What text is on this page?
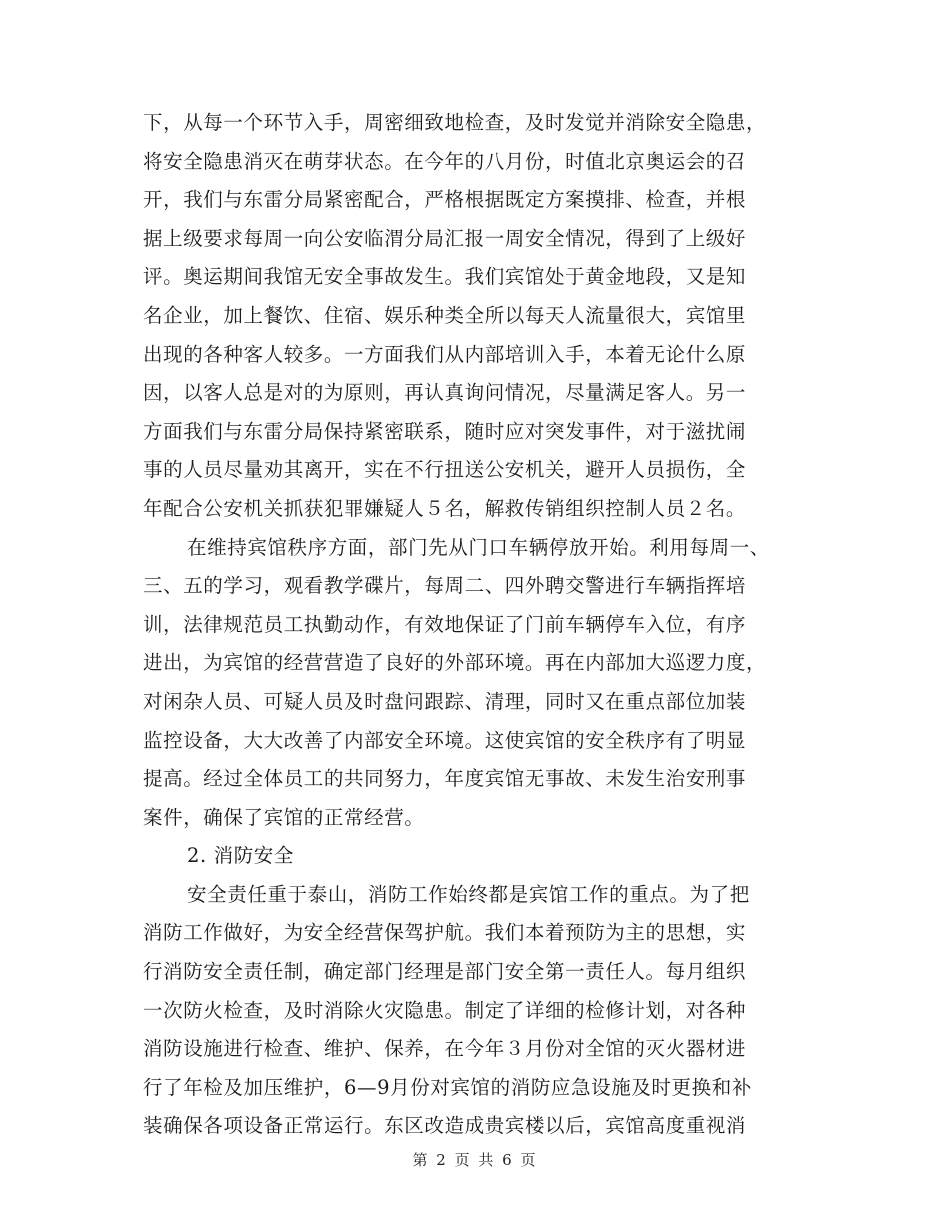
下，从每一个环节入手，周密细致地检查，及时发觉并消除安全隐患，
将安全隐患消灭在萌芽状态。在今年的八月份，时值北京奥运会的召
开，我们与东雷分局紧密配合，严格根据既定方案摸排、检查，并根
据上级要求每周一向公安临渭分局汇报一周安全情况，得到了上级好
评。奥运期间我馆无安全事故发生。我们宾馆处于黄金地段，又是知
名企业，加上餐饮、住宿、娱乐种类全所以每天人流量很大，宾馆里
出现的各种客人较多。一方面我们从内部培训入手，本着无论什么原
因，以客人总是对的为原则，再认真询问情况，尽量满足客人。另一
方面我们与东雷分局保持紧密联系，随时应对突发事件，对于滋扰闹
事的人员尽量劝其离开，实在不行扭送公安机关，避开人员损伤，全
年配合公安机关抓获犯罪嫌疑人５名，解救传销组织控制人员２名。
在维持宾馆秩序方面，部门先从门口车辆停放开始。利用每周一、
三、五的学习，观看教学碟片，每周二、四外聘交警进行车辆指挥培
训，法律规范员工执勤动作，有效地保证了门前车辆停车入位，有序
进出，为宾馆的经营营造了良好的外部环境。再在内部加大巡逻力度，
对闲杂人员、可疑人员及时盘问跟踪、清理，同时又在重点部位加装
监控设备，大大改善了内部安全环境。这使宾馆的安全秩序有了明显
提高。经过全体员工的共同努力，年度宾馆无事故、未发生治安刑事
案件，确保了宾馆的正常经营。
2. 消防安全
安全责任重于泰山，消防工作始终都是宾馆工作的重点。为了把
消防工作做好，为安全经营保驾护航。我们本着预防为主的思想，实
行消防安全责任制，确定部门经理是部门安全第一责任人。每月组织
一次防火检查，及时消除火灾隐患。制定了详细的检修计划，对各种
消防设施进行检查、维护、保养，在今年３月份对全馆的灭火器材进
行了年检及加压维护，6—9月份对宾馆的消防应急设施及时更换和补
装确保各项设备正常运行。东区改造成贵宾楼以后，宾馆高度重视消
第 2 页 共 6 页
